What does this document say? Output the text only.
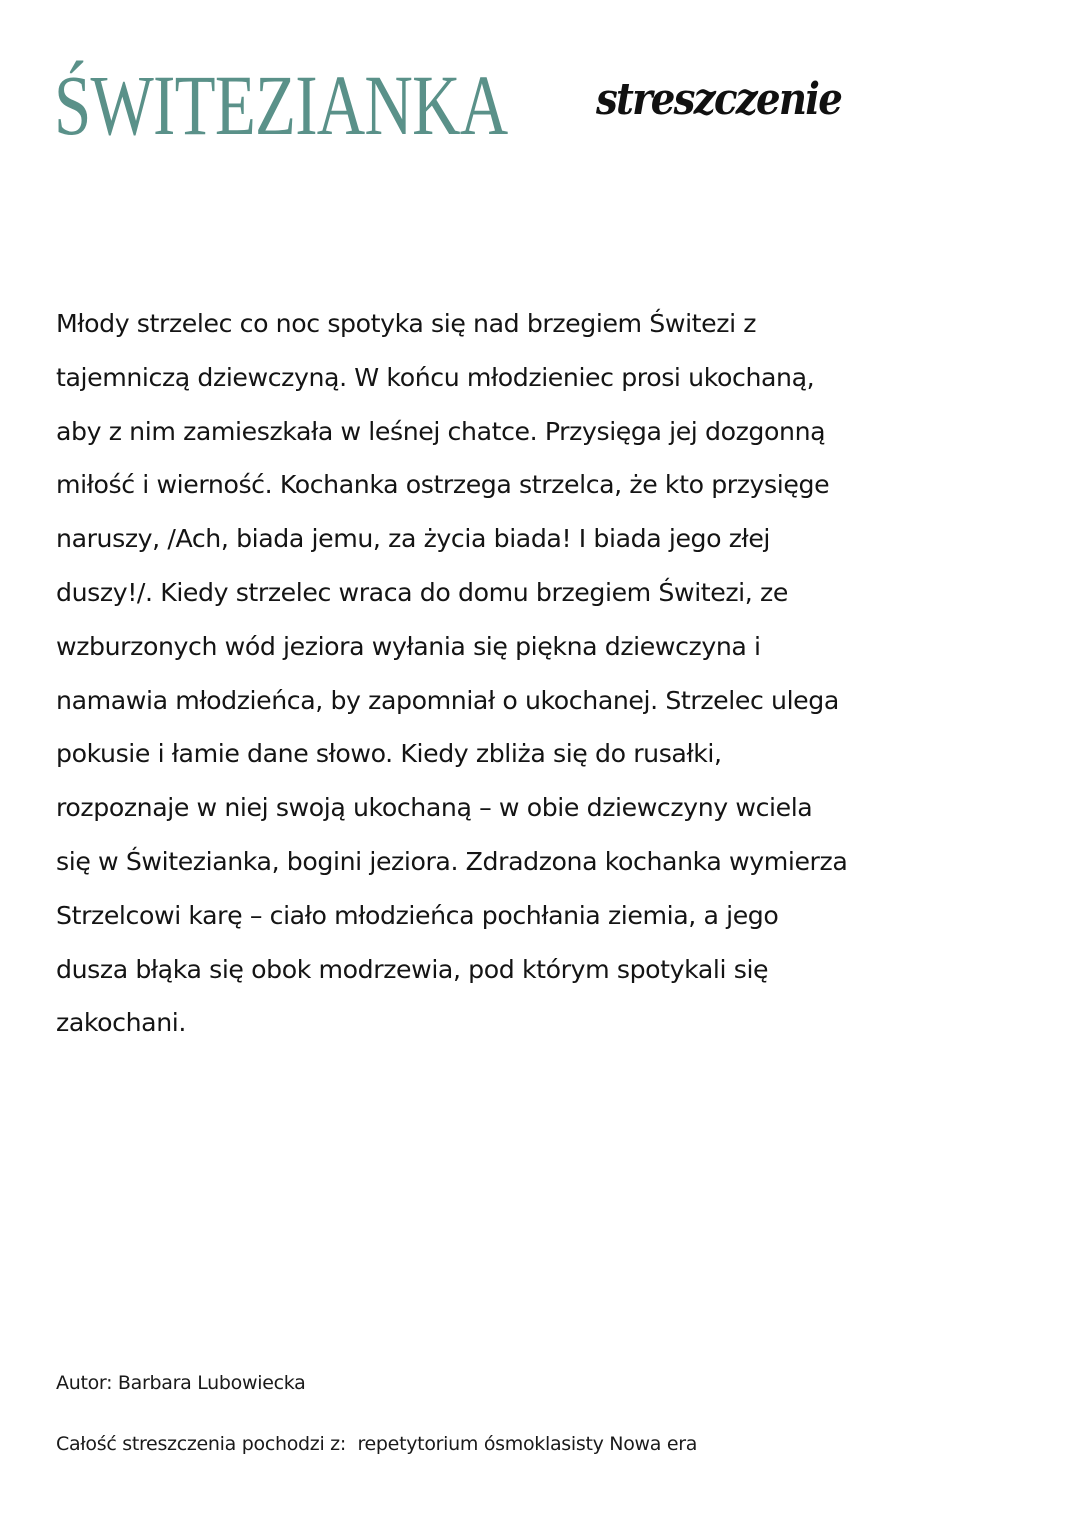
ŚWITEZIANKA streszczenie
Młody strzelec co noc spotyka się nad brzegiem Świtezi z
tajemniczą dziewczyną. W końcu młodzieniec prosi ukochaną,
aby z nim zamieszkała w leśnej chatce. Przysięga jej dozgonną
miłość i wierność. Kochanka ostrzega strzelca, że kto przysięge
naruszy, /Ach, biada jemu, za życia biada! I biada jego złej
duszy!/. Kiedy strzelec wraca do domu brzegiem Świtezi, ze
wzburzonych wód jeziora wyłania się piękna dziewczyna i
namawia młodzieńca, by zapomniał o ukochanej. Strzelec ulega
pokusie i łamie dane słowo. Kiedy zbliża się do rusałki,
rozpoznaje w niej swoją ukochaną – w obie dziewczyny wciela
się w Świtezianka, bogini jeziora. Zdradzona kochanka wymierza
Strzelcowi karę – ciało młodzieńca pochłania ziemia, a jego
dusza błąka się obok modrzewia, pod którym spotykali się
zakochani.
Autor: Barbara Lubowiecka
Całość streszczenia pochodzi z:  repetytorium ósmoklasisty Nowa era
